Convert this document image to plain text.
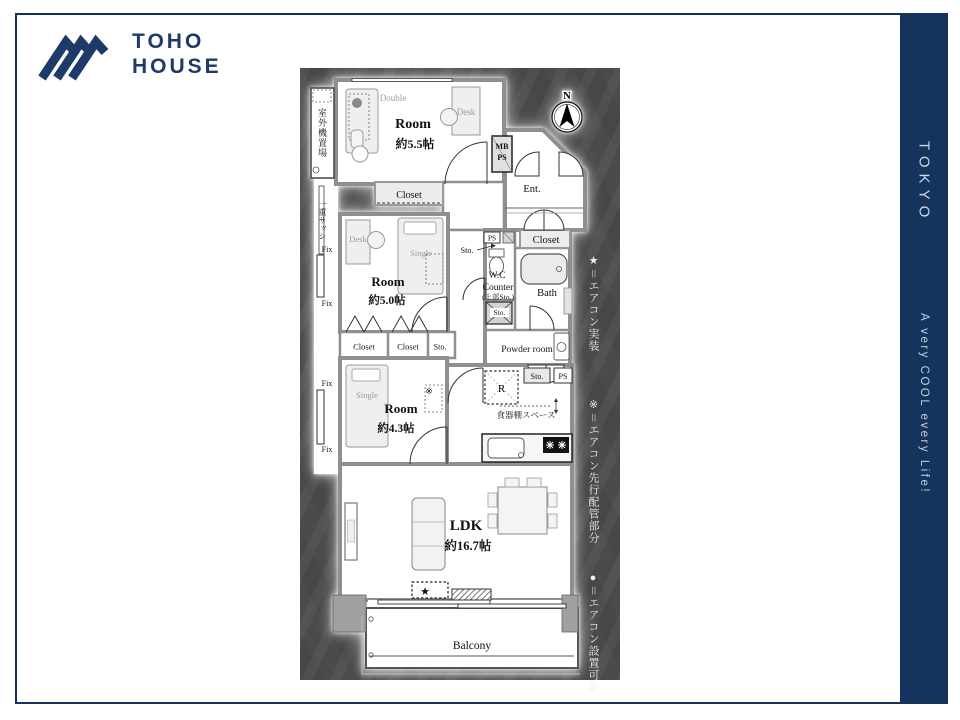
TOHO
HOUSE
TOKYO
A very COOL every Life!
N
Room
約5.5帖
Double
Desk
Closet
MB
PS
Ent.
Room
約5.0帖
Desk
Single	Sto.
PS
W.C
Counter
(上部Sto.)
Sto.
Closet
Bath
Powder room
Sto. PS
R
食器棚スペース
Closet	Closet Sto.
Room
約4.3帖
Single	※
LDK
約16.7帖
★
Balcony
Fix
Fix
Fix
Fix
室外機置場
一重サッシ
★＝エアコン実装
※＝エアコン先行配管部分
●＝エアコン設置可能
